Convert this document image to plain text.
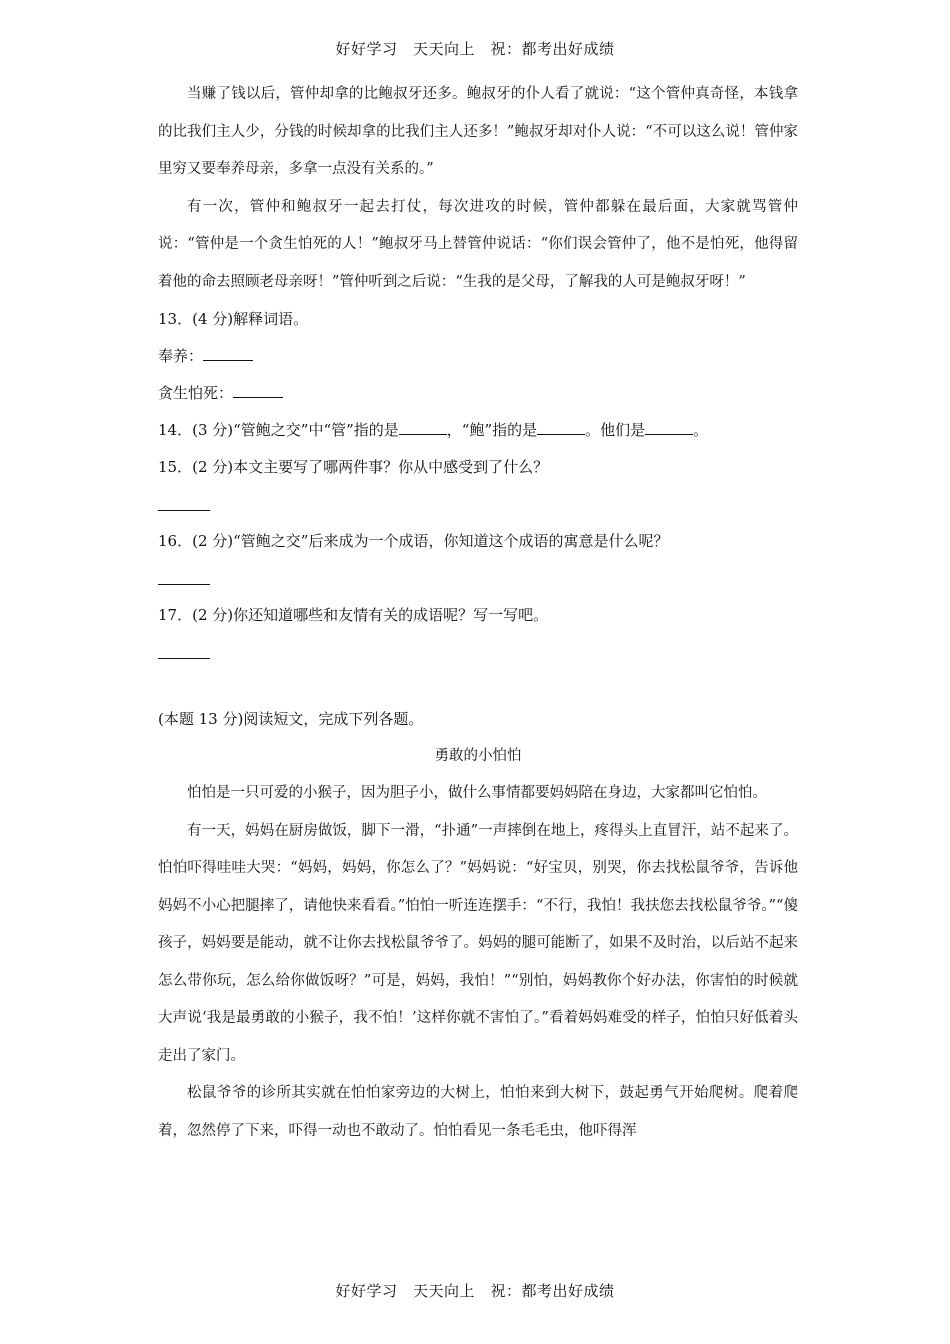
好好学习　天天向上　祝：都考出好成绩

当赚了钱以后，管仲却拿的比鲍叔牙还多。鲍叔牙的仆人看了就说：“这个管仲真奇怪，本钱拿的比我们主人少，分钱的时候却拿的比我们主人还多！”鲍叔牙却对仆人说：“不可以这么说！管仲家里穷又要奉养母亲，多拿一点没有关系的。”

有一次，管仲和鲍叔牙一起去打仗，每次进攻的时候，管仲都躲在最后面，大家就骂管仲说：“管仲是一个贪生怕死的人！”鲍叔牙马上替管仲说话：“你们误会管仲了，他不是怕死，他得留着他的命去照顾老母亲呀！”管仲听到之后说：“生我的是父母，了解我的人可是鲍叔牙呀！”

13．(4 分)解释词语。

奉养：

贪生怕死：

14．(3 分)“管鲍之交”中“管”指的是	，“鲍”指的是	。他们是	。

15．(2 分)本文主要写了哪两件事？你从中感受到了什么？

16．(2 分)“管鲍之交”后来成为一个成语，你知道这个成语的寓意是什么呢？

17．(2 分)你还知道哪些和友情有关的成语呢？写一写吧。

(本题 13 分)阅读短文，完成下列各题。

勇敢的小怕怕

怕怕是一只可爱的小猴子，因为胆子小，做什么事情都要妈妈陪在身边，大家都叫它怕怕。

有一天，妈妈在厨房做饭，脚下一滑，“扑通”一声摔倒在地上，疼得头上直冒汗，站不起来了。怕怕吓得哇哇大哭：“妈妈，妈妈，你怎么了？”妈妈说：“好宝贝，别哭，你去找松鼠爷爷，告诉他妈妈不小心把腿摔了，请他快来看看。”怕怕一听连连摆手：“不行，我怕！我扶您去找松鼠爷爷。”“傻孩子，妈妈要是能动，就不让你去找松鼠爷爷了。妈妈的腿可能断了，如果不及时治，以后站不起来怎么带你玩，怎么给你做饭呀？”可是，妈妈，我怕！”“别怕，妈妈教你个好办法，你害怕的时候就大声说‘我是最勇敢的小猴子，我不怕！’这样你就不害怕了。”看着妈妈难受的样子，怕怕只好低着头走出了家门。

松鼠爷爷的诊所其实就在怕怕家旁边的大树上，怕怕来到大树下，鼓起勇气开始爬树。爬着爬着，忽然停了下来，吓得一动也不敢动了。怕怕看见一条毛毛虫，他吓得浑

好好学习　天天向上　祝：都考出好成绩
